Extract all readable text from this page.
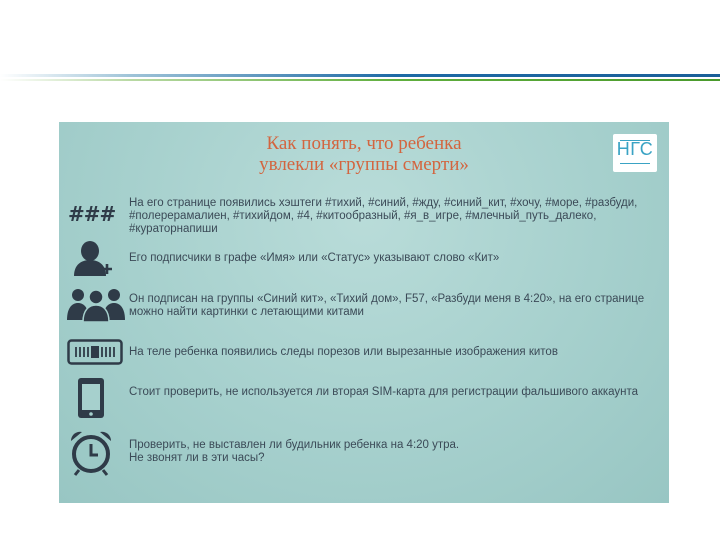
Как понять, что ребенка
увлекли «группы смерти»
НГС
### На его странице появились хэштеги #тихий, #синий, #жду, #синий_кит, #хочу, #море, #разбуди, #полерерамалиен, #тихийдом, #4, #китообразный, #я_в_игре, #млечный_путь_далеко, #кураторнапиши
Его подписчики в графе «Имя» или «Статус» указывают слово «Кит»
Он подписан на группы «Синий кит», «Тихий дом», F57, «Разбуди меня в 4:20», на его странице можно найти картинки с летающими китами
На теле ребенка появились следы порезов или вырезанные изображения китов
Стоит проверить, не используется ли вторая SIM-карта для регистрации фальшивого аккаунта
Проверить, не выставлен ли будильник ребенка на 4:20 утра.
Не звонят ли в эти часы?
